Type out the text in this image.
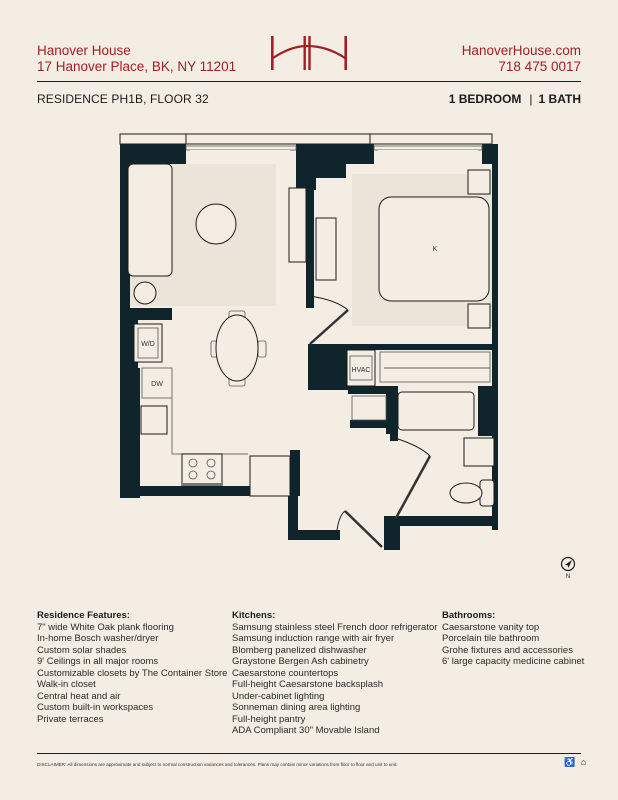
Hanover House
17 Hanover Place, BK, NY 11201
HanoverHouse.com
718 475 0017
RESIDENCE PH1B, FLOOR 32	1 BEDROOM | 1 BATH
K
W/D
DW
HVAC
N
Residence Features:
7" wide White Oak plank flooring
In-home Bosch washer/dryer
Custom solar shades
9' Ceilings in all major rooms
Customizable closets by The Container Store
Walk-in closet
Central heat and air
Custom built-in workspaces
Private terraces
Kitchens:
Samsung stainless steel French door refrigerator
Samsung induction range with air fryer
Blomberg panelized dishwasher
Graystone Bergen Ash cabinetry
Caesarstone countertops
Full-height Caesarstone backsplash
Under-cabinet lighting
Sonneman dining area lighting
Full-height pantry
ADA Compliant 30" Movable Island
Bathrooms:
Caesarstone vanity top
Porcelain tile bathroom
Grohe fixtures and accessories
6' large capacity medicine cabinet
DISCLAIMER: All dimensions are approximate and subject to normal construction variances and tolerances. Plans may contain minor variations from floor to floor and unit to unit.	♿ ⌂
